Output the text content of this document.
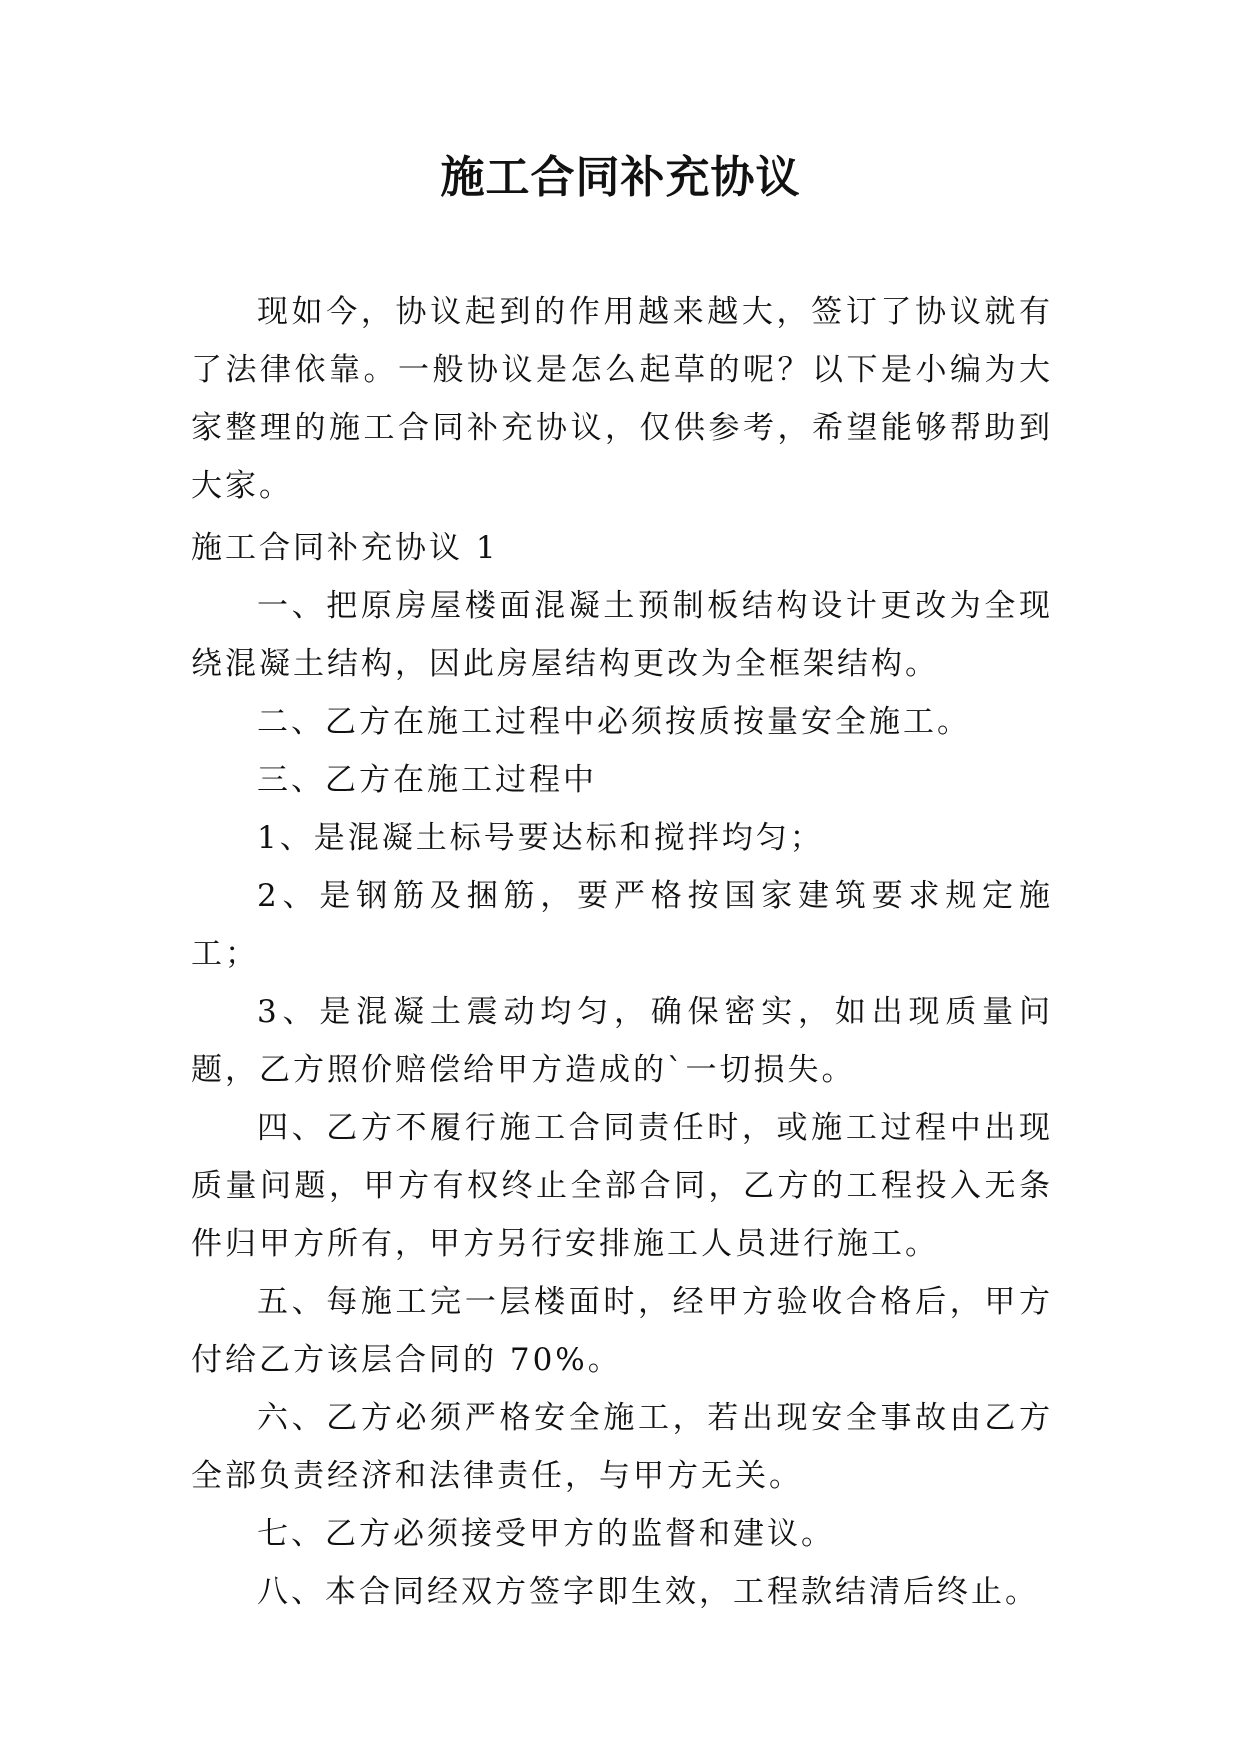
施工合同补充协议

现如今，协议起到的作用越来越大，签订了协议就有了法律依靠。一般协议是怎么起草的呢？以下是小编为大家整理的施工合同补充协议，仅供参考，希望能够帮助到大家。

施工合同补充协议 1

一、把原房屋楼面混凝土预制板结构设计更改为全现绕混凝土结构，因此房屋结构更改为全框架结构。

二、乙方在施工过程中必须按质按量安全施工。

三、乙方在施工过程中

1、是混凝土标号要达标和搅拌均匀；

2、是钢筋及捆筋，要严格按国家建筑要求规定施工；

3、是混凝土震动均匀，确保密实，如出现质量问题，乙方照价赔偿给甲方造成的`一切损失。

四、乙方不履行施工合同责任时，或施工过程中出现质量问题，甲方有权终止全部合同，乙方的工程投入无条件归甲方所有，甲方另行安排施工人员进行施工。

五、每施工完一层楼面时，经甲方验收合格后，甲方付给乙方该层合同的 70%。

六、乙方必须严格安全施工，若出现安全事故由乙方全部负责经济和法律责任，与甲方无关。

七、乙方必须接受甲方的监督和建议。

八、本合同经双方签字即生效，工程款结清后终止。
